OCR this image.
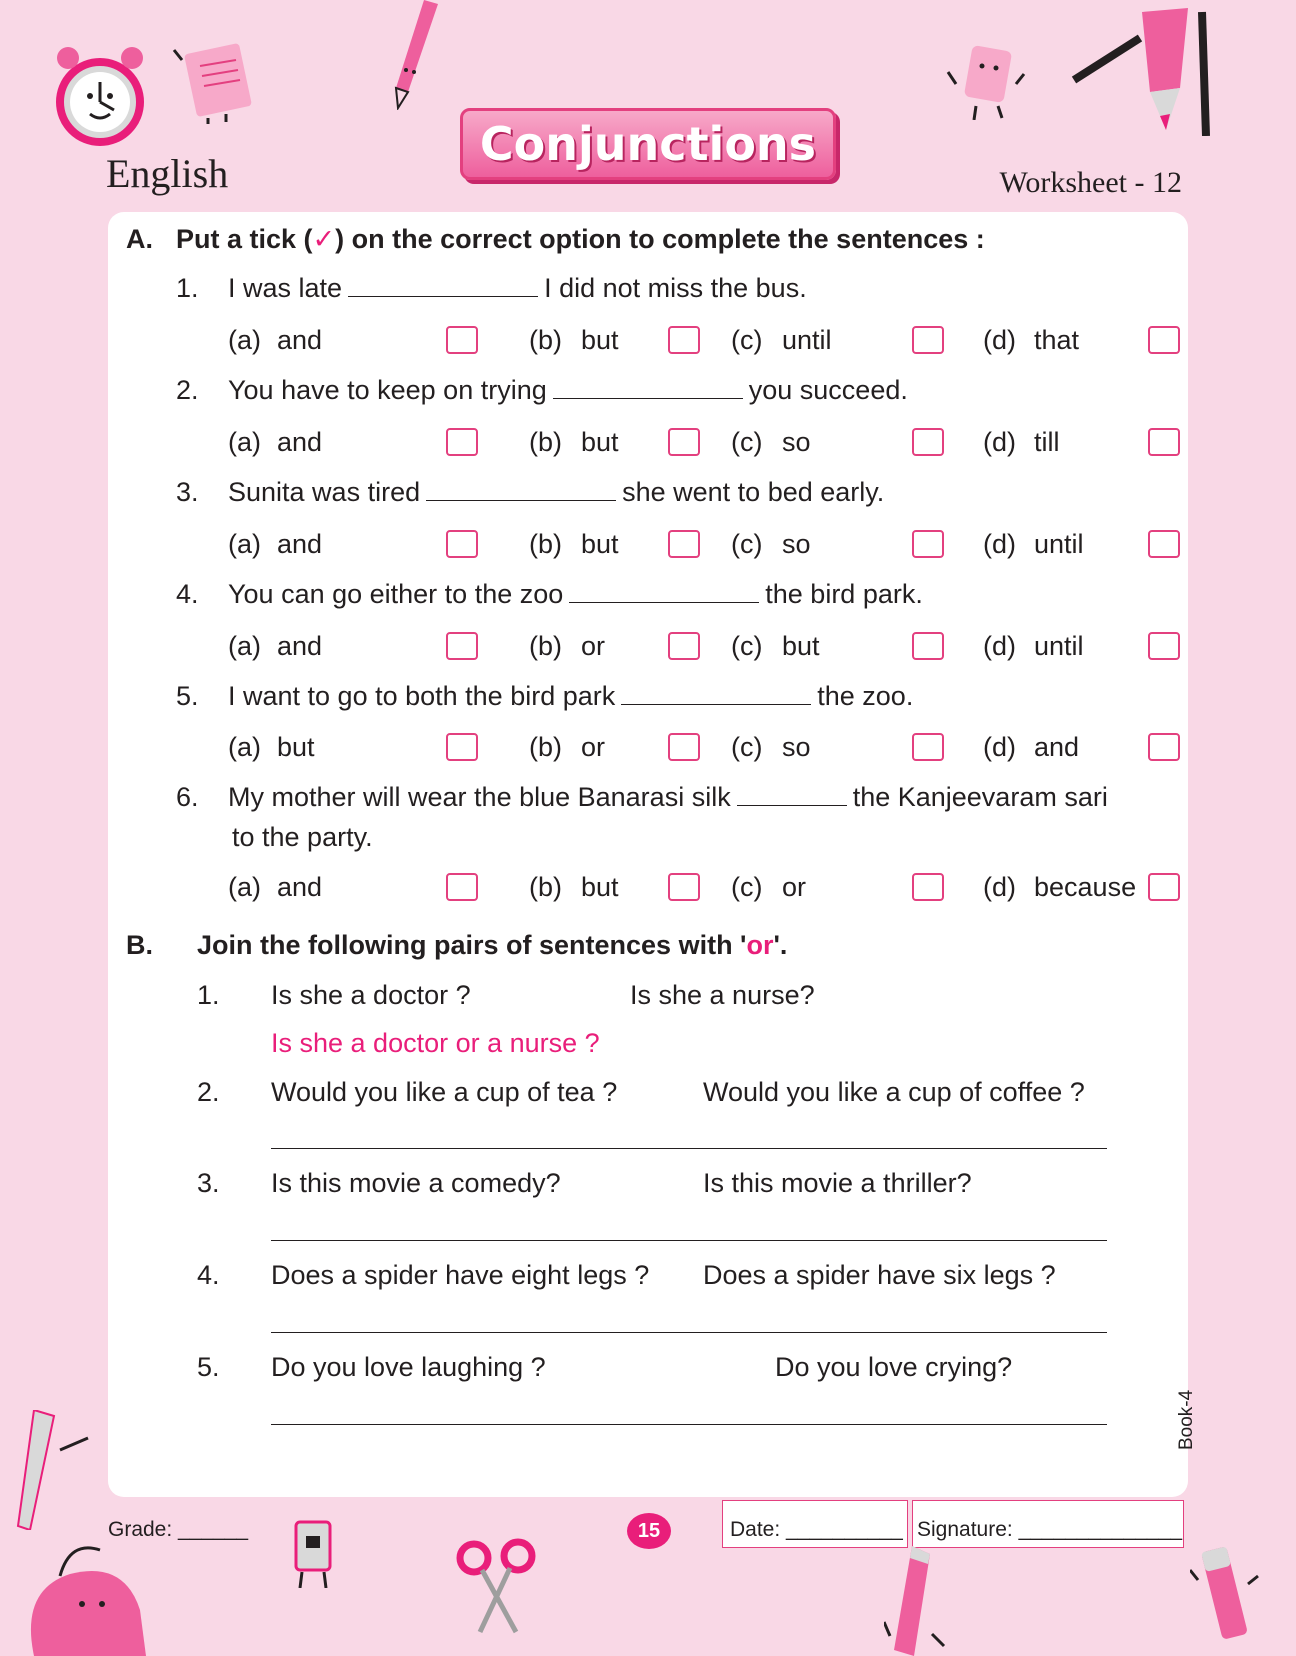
English
Conjunctions
Worksheet - 12
A. Put a tick (✓) on the correct option to complete the sentences :
1. I was late	I did not miss the bus.
(a) and	(b) but	(c) until	(d) that
2. You have to keep on trying	you succeed.
(a) and	(b) but	(c) so	(d) till
3. Sunita was tired	she went to bed early.
(a) and	(b) but	(c) so	(d) until
4. You can go either to the zoo	the bird park.
(a) and	(b) or	(c) but	(d) until
5. I want to go to both the bird park	the zoo.
(a) but	(b) or	(c) so	(d) and
6. My mother will wear the blue Banarasi silk	the Kanjeevaram sari
to the party.
(a) and	(b) but	(c) or	(d) because
B. Join the following pairs of sentences with 'or'.
1. Is she a doctor ?	Is she a nurse?
Is she a doctor or a nurse ?
2. Would you like a cup of tea ?	Would you like a cup of coffee ?
3. Is this movie a comedy?	Is this movie a thriller?
4. Does a spider have eight legs ? Does a spider have six legs ?
5. Do you love laughing ?	Do you love crying?
Book-4
Grade: ______	15	Date: __________ Signature: ______________
